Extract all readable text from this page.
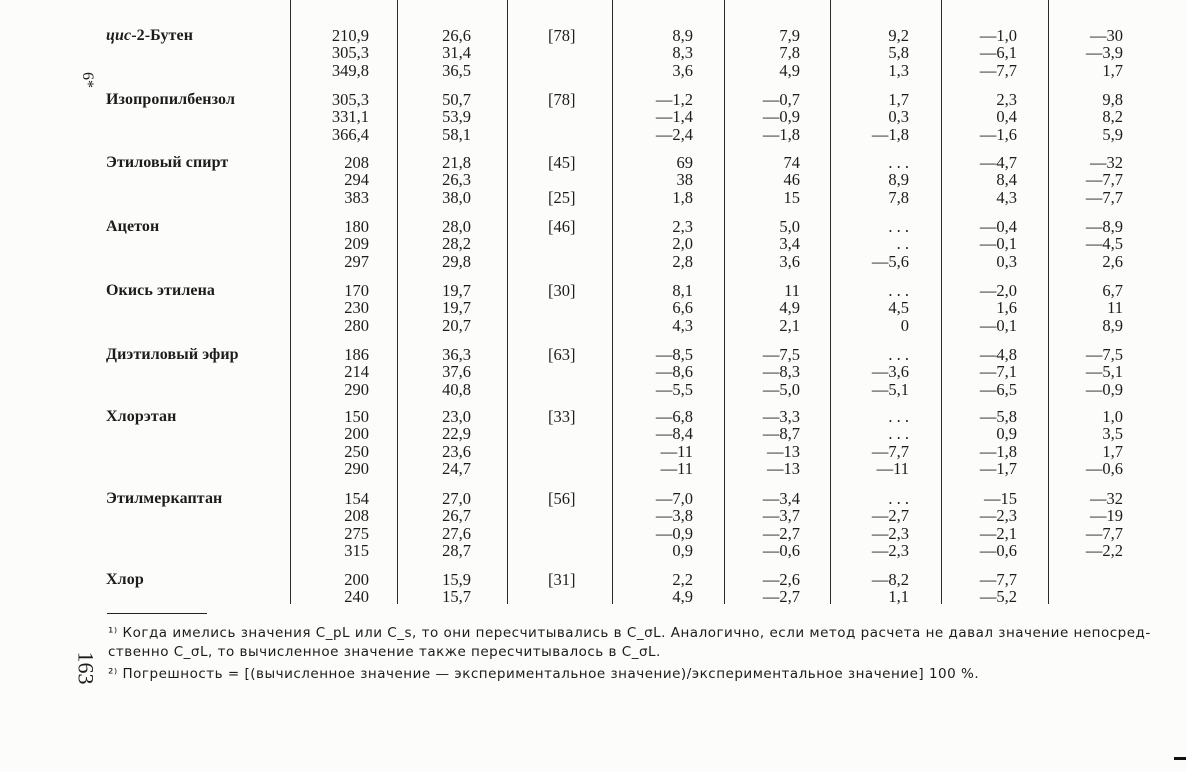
цис-2-Бутен	210,9	26,6	[78]	8,9	7,9	9,2	—1,0	—30
305,3	31,4	8,3	7,8	5,8	—6,1	—3,9
349,8	36,5	3,6	4,9	1,3	—7,7	1,7
Изопропилбензол	305,3	50,7	[78]	—1,2	—0,7	1,7	2,3	9,8
331,1	53,9	—1,4	—0,9	0,3	0,4	8,2
366,4	58,1	—2,4	—1,8	—1,8	—1,6	5,9
Этиловый спирт	208	21,8	[45]	69	74	. . .	—4,7	—32
294	26,3	38	46	8,9	8,4	—7,7
383	38,0	[25]	1,8	15	7,8	4,3	—7,7
Ацетон	180	28,0	[46]	2,3	5,0	. . .	—0,4	—8,9
209	28,2	2,0	3,4	. .	—0,1	—4,5
297	29,8	2,8	3,6	—5,6	0,3	2,6
Окись этилена	170	19,7	[30]	8,1	11	. . .	—2,0	6,7
230	19,7	6,6	4,9	4,5	1,6	11
280	20,7	4,3	2,1	0	—0,1	8,9
Диэтиловый эфир	186	36,3	[63]	—8,5	—7,5	. . .	—4,8	—7,5
214	37,6	—8,6	—8,3	—3,6	—7,1	—5,1
290	40,8	—5,5	—5,0	—5,1	—6,5	—0,9
Хлорэтан	150	23,0	[33]	—6,8	—3,3	. . .	—5,8	1,0
200	22,9	—8,4	—8,7	. . .	0,9	3,5
250	23,6	—11	—13	—7,7	—1,8	1,7
290	24,7	—11	—13	—11	—1,7	—0,6
Этилмеркаптан	154	27,0	[56]	—7,0	—3,4	. . .	—15	—32
208	26,7	—3,8	—3,7	—2,7	—2,3	—19
275	27,6	—0,9	—2,7	—2,3	—2,1	—7,7
315	28,7	0,9	—0,6	—2,3	—0,6	—2,2
Хлор	200	15,9	[31]	2,2	—2,6	—8,2	—7,7
240	15,7	4,9	—2,7	1,1	—5,2
¹⁾ Когда имелись значения C_pL или C_s, то они пересчитывались в C_σL. Аналогично, если метод расчета не давал значение непосред-
ственно C_σL, то вычисленное значение также пересчитывалось в C_σL.
²⁾ Погрешность = [(вычисленное значение — экспериментальное значение)/экспериментальное значение] 100 %.
163
6*
